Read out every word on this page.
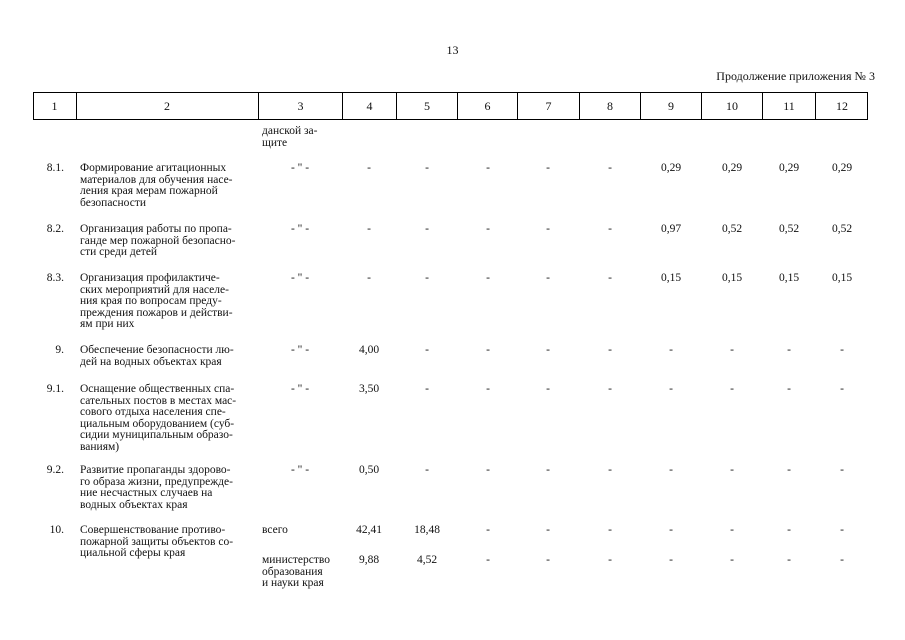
13
Продолжение приложения № 3
1	2	3	4	5	6	7	8	9	10	11	12
данской за-
щите
8.1. Формирование агитационных
материалов для обучения насе-
ления края мерам пожарной
безопасности
- " -	-	-	-	-	-	0,29	0,29	0,29	0,29
8.2. Организация работы по пропа-
ганде мер пожарной безопасно-
сти среди детей
- " -	-	-	-	-	-	0,97	0,52	0,52	0,52
8.3. Организация профилактиче-
ских мероприятий для населе-
ния края по вопросам преду-
преждения пожаров и действи-
ям при них
- " -	-	-	-	-	-	0,15	0,15	0,15	0,15
9. Обеспечение безопасности лю-
дей на водных объектах края
- " -	4,00	-	-	-	-	-	-	-	-
9.1. Оснащение общественных спа-
сательных постов в местах мас-
сового отдыха населения спе-
циальным оборудованием (суб-
сидии муниципальным образо-
ваниям)
- " -	3,50	-	-	-	-	-	-	-	-
9.2. Развитие пропаганды здорово-
го образа жизни, предупрежде-
ние несчастных случаев на
водных объектах края
- " -	0,50	-	-	-	-	-	-	-	-
10. Совершенствование противо-
пожарной защиты объектов со-
циальной сферы края
всего	42,41	18,48	-	-	-	-	-	-	-
министерство
образования
и науки края
9,88	4,52	-	-	-	-	-	-	-
